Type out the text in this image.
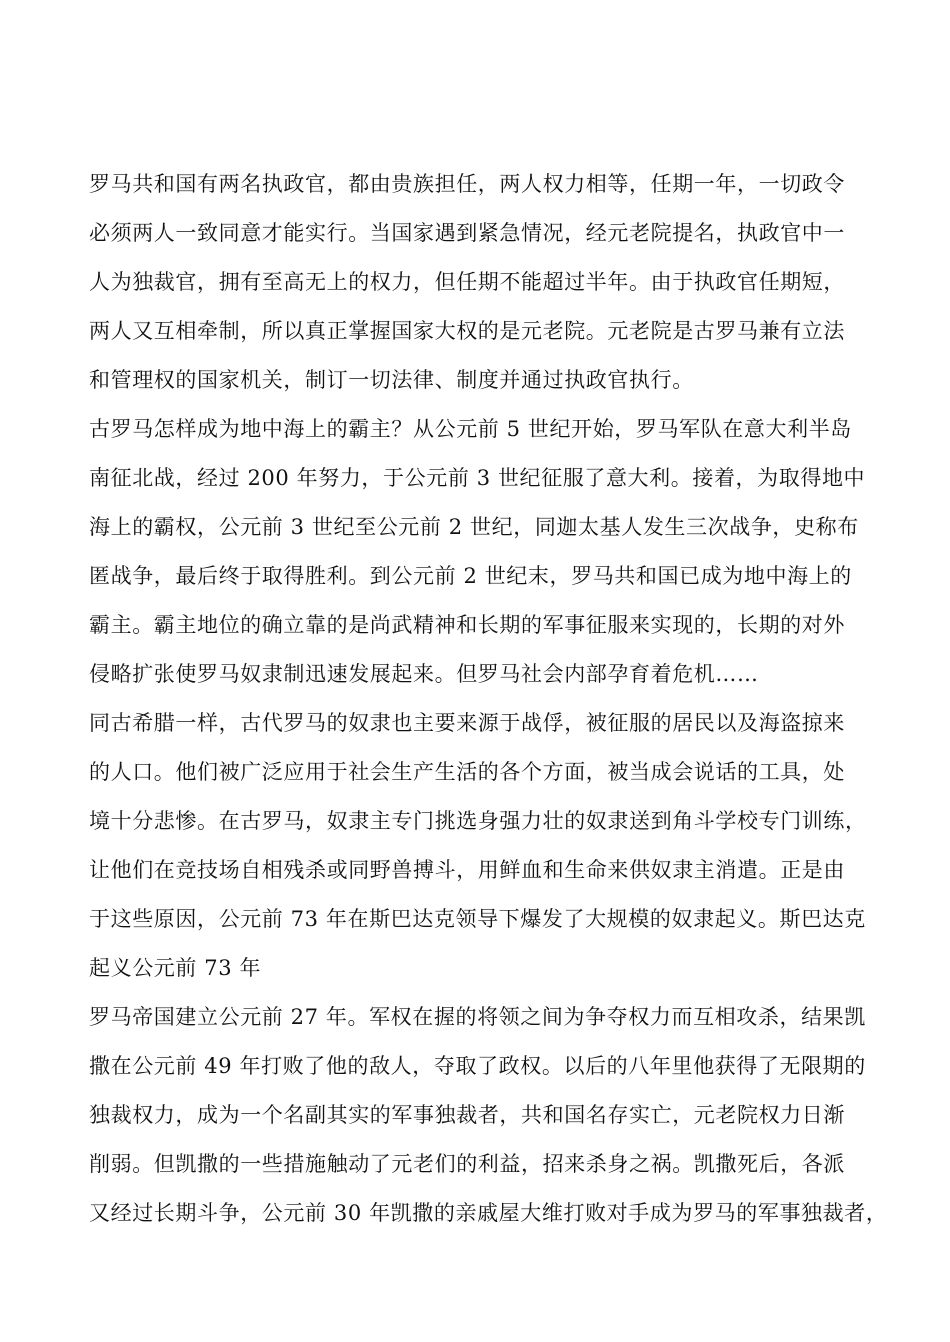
罗马共和国有两名执政官，都由贵族担任，两人权力相等，任期一年，一切政令
必须两人一致同意才能实行。当国家遇到紧急情况，经元老院提名，执政官中一
人为独裁官，拥有至高无上的权力，但任期不能超过半年。由于执政官任期短，
两人又互相牵制，所以真正掌握国家大权的是元老院。元老院是古罗马兼有立法
和管理权的国家机关，制订一切法律、制度并通过执政官执行。
古罗马怎样成为地中海上的霸主？从公元前 5 世纪开始，罗马军队在意大利半岛
南征北战，经过 200 年努力，于公元前 3 世纪征服了意大利。接着，为取得地中
海上的霸权，公元前 3 世纪至公元前 2 世纪，同迦太基人发生三次战争，史称布
匿战争，最后终于取得胜利。到公元前 2 世纪末，罗马共和国已成为地中海上的
霸主。霸主地位的确立靠的是尚武精神和长期的军事征服来实现的，长期的对外
侵略扩张使罗马奴隶制迅速发展起来。但罗马社会内部孕育着危机……
同古希腊一样，古代罗马的奴隶也主要来源于战俘，被征服的居民以及海盗掠来
的人口。他们被广泛应用于社会生产生活的各个方面，被当成会说话的工具，处
境十分悲惨。在古罗马，奴隶主专门挑选身强力壮的奴隶送到角斗学校专门训练，
让他们在竞技场自相残杀或同野兽搏斗，用鲜血和生命来供奴隶主消遣。正是由
于这些原因，公元前 73 年在斯巴达克领导下爆发了大规模的奴隶起义。斯巴达克
起义公元前 73 年
罗马帝国建立公元前 27 年。军权在握的将领之间为争夺权力而互相攻杀，结果凯
撒在公元前 49 年打败了他的敌人，夺取了政权。以后的八年里他获得了无限期的
独裁权力，成为一个名副其实的军事独裁者，共和国名存实亡，元老院权力日渐
削弱。但凯撒的一些措施触动了元老们的利益，招来杀身之祸。凯撒死后，各派
又经过长期斗争，公元前 30 年凯撒的亲戚屋大维打败对手成为罗马的军事独裁者，
